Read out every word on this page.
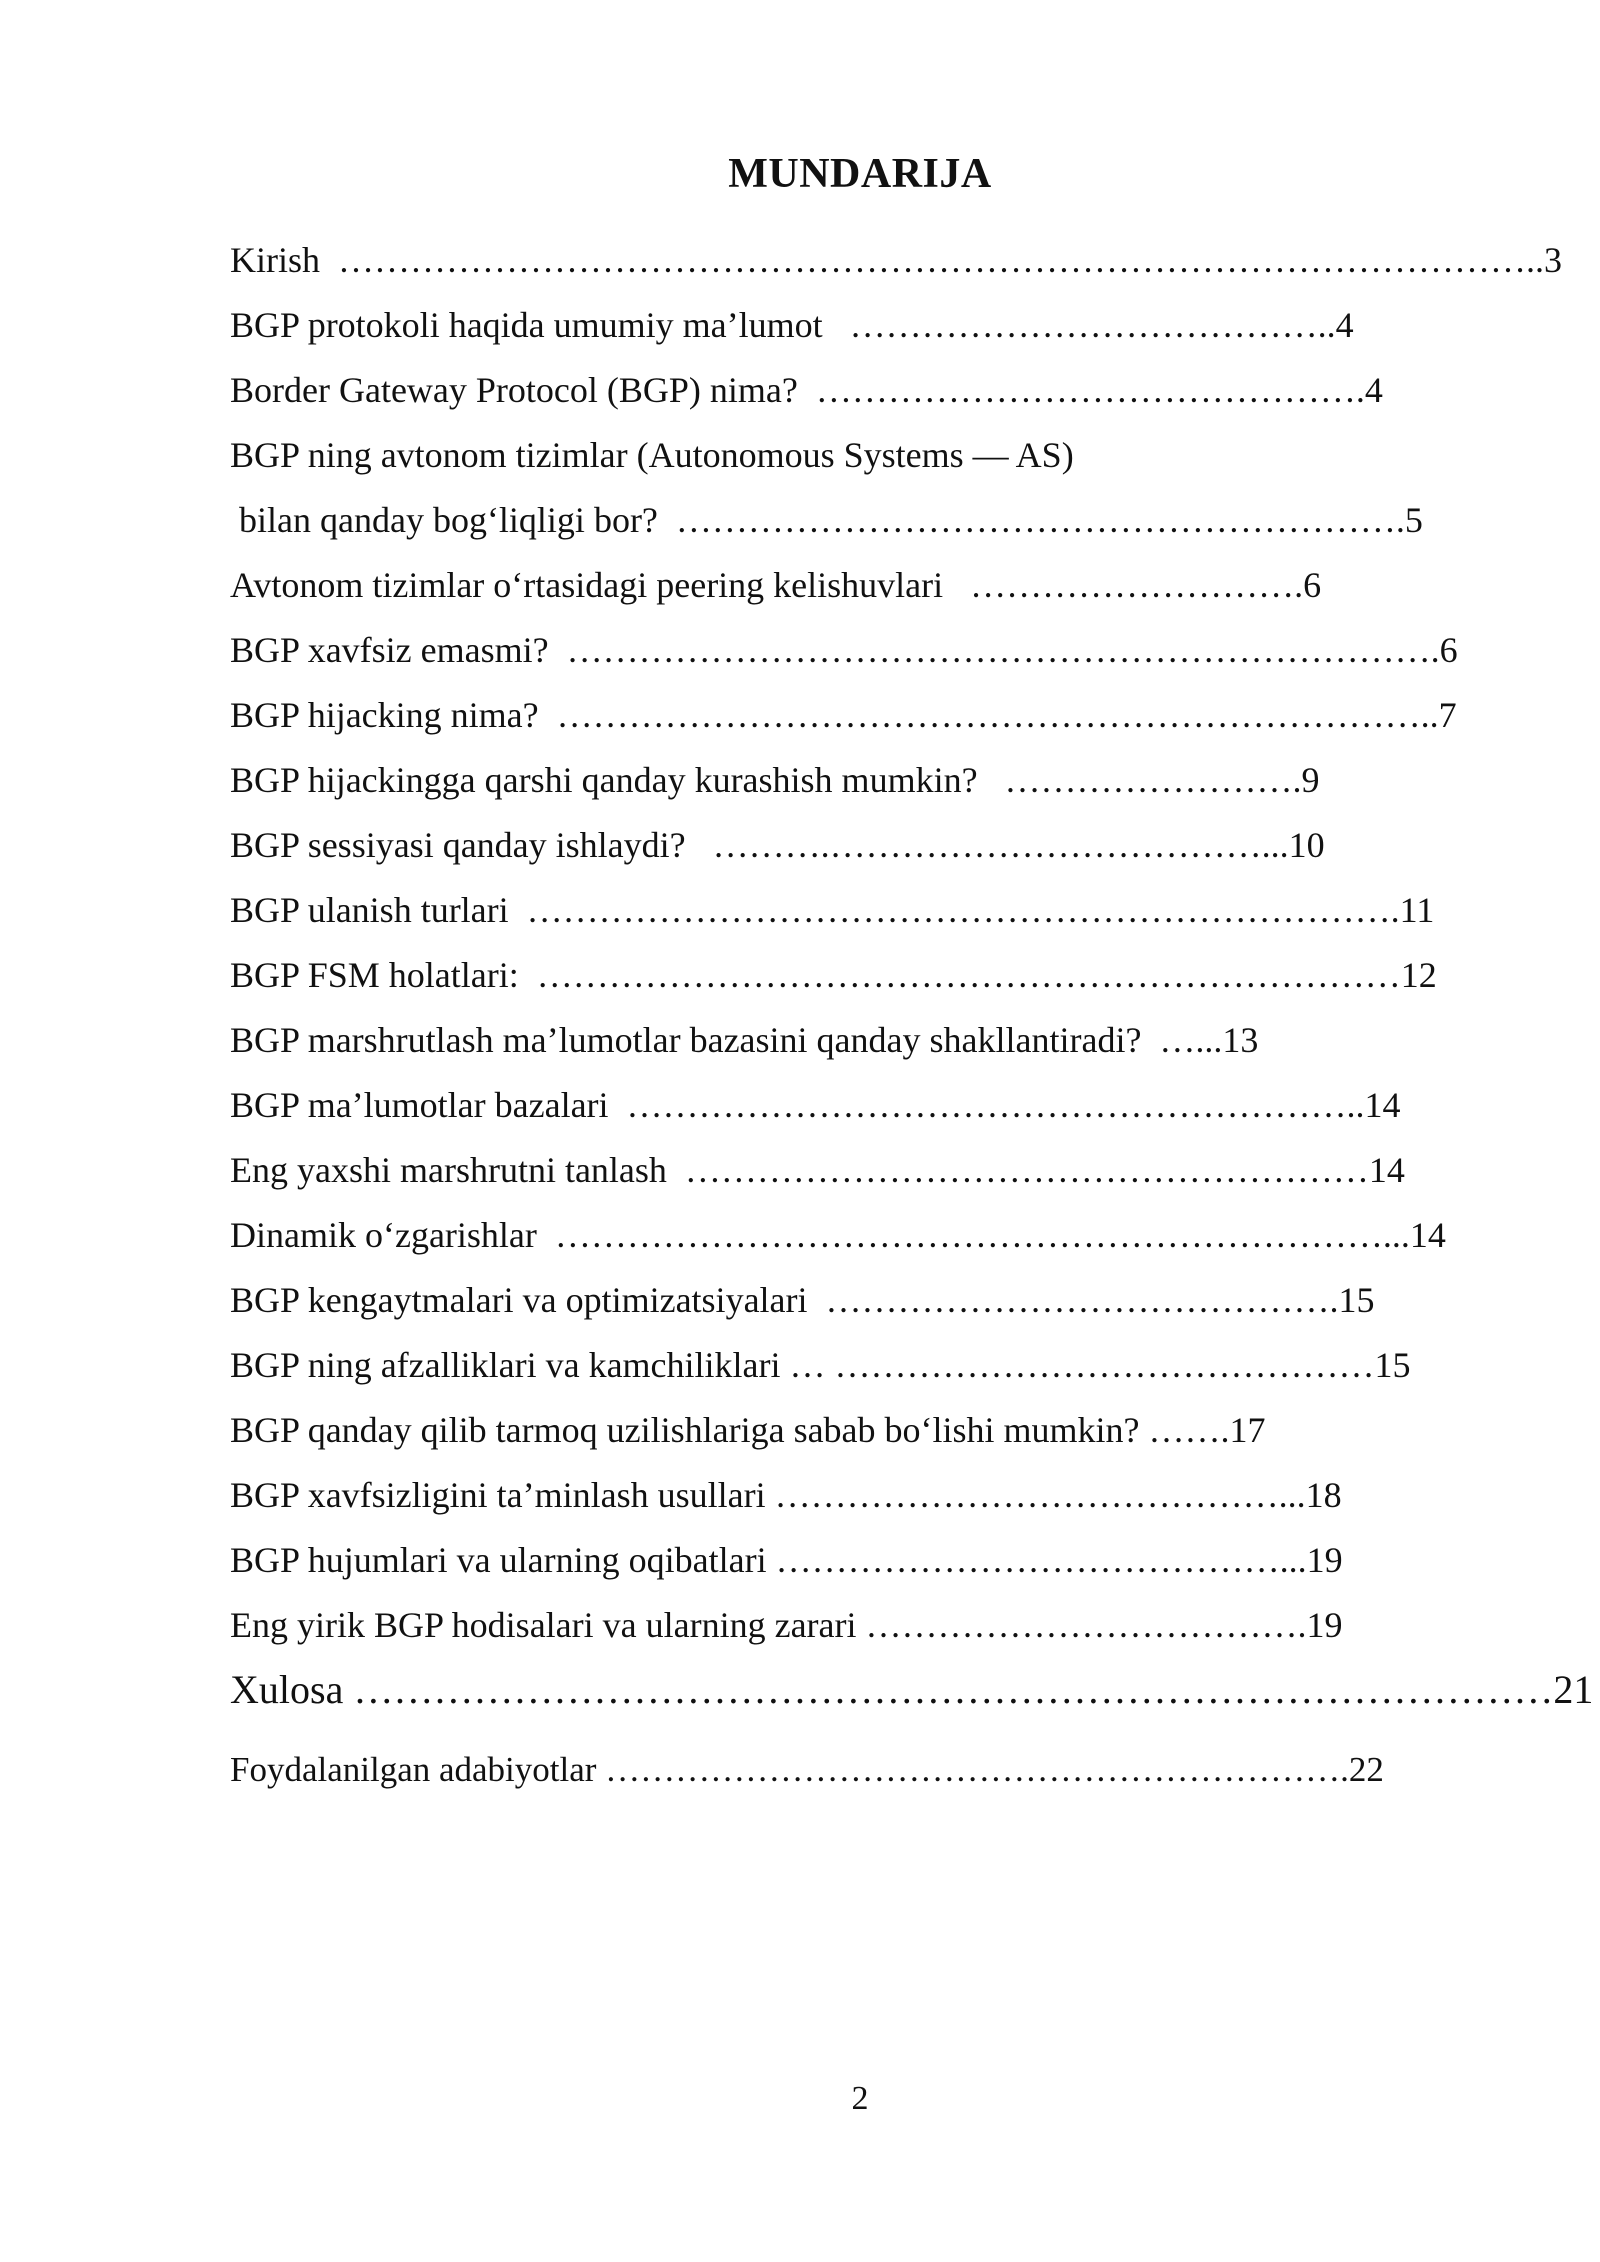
MUNDARIJA
Kirish  ………………………………………………………………………………………..3
BGP protokoli haqida umumiy ma’lumot   …………………………………..4
Border Gateway Protocol (BGP) nima?  ……………………………………….4
BGP ning avtonom tizimlar (Autonomous Systems — AS)
bilan qanday bog‘liqligi bor?  …………………………………………………….5
Avtonom tizimlar o‘rtasidagi peering kelishuvlari   ……………………….6
BGP xavfsiz emasmi?  ……………………………………………………………….6
BGP hijacking nima?  ………………………………………………………………..7
BGP hijackingga qarshi qanday kurashish mumkin?   …………………….9
BGP sessiyasi qanday ishlaydi?   ……….………………………………...10
BGP ulanish turlari  ……………………………………………………………….11
BGP FSM holatlari:  ………………………………………………………………12
BGP marshrutlash ma’lumotlar bazasini qanday shakllantiradi?  …...13
BGP ma’lumotlar bazalari  ……………………………………………………..14
Eng yaxshi marshrutni tanlash  …………………………………………………14
Dinamik o‘zgarishlar  ……………………………………………………………...14
BGP kengaytmalari va optimizatsiyalari  …………………………………….15
BGP ning afzalliklari va kamchiliklari … ………………………………………15
BGP qanday qilib tarmoq uzilishlariga sabab bo‘lishi mumkin? …….17
BGP xavfsizligini ta’minlash usullari ……………………………………...18
BGP hujumlari va ularning oqibatlari ……………………………………...19
Eng yirik BGP hodisalari va ularning zarari ……………………………….19
Xulosa ………………………………………………………………………………21
Foydalanilgan adabiyotlar ……………………………………………………….22
2
